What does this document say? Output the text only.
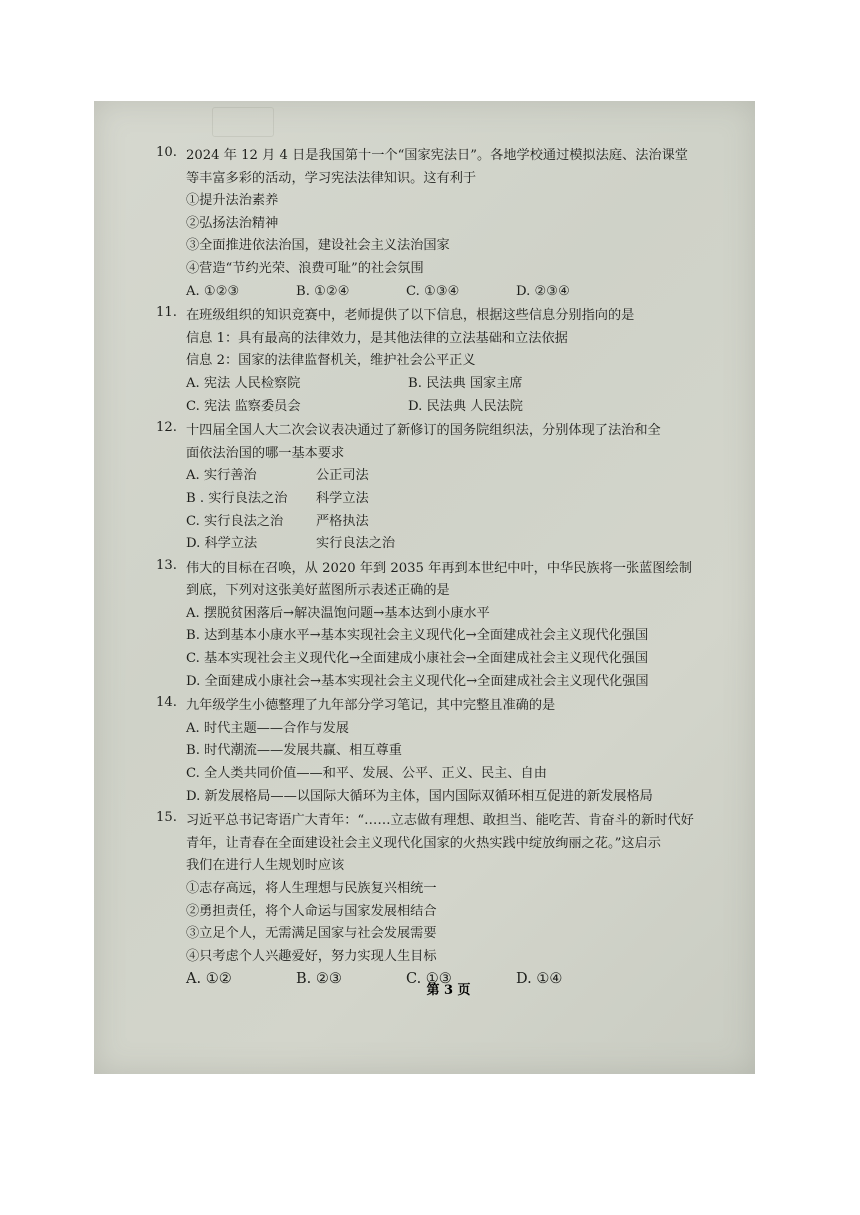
10. 2024 年 12 月 4 日是我国第十一个“国家宪法日”。各地学校通过模拟法庭、法治课堂
等丰富多彩的活动，学习宪法法律知识。这有利于
①提升法治素养
②弘扬法治精神
③全面推进依法治国，建设社会主义法治国家
④营造“节约光荣、浪费可耻”的社会氛围
A. ①②③	B. ①②④	C. ①③④	D. ②③④
11. 在班级组织的知识竞赛中，老师提供了以下信息，根据这些信息分别指向的是
信息 1：具有最高的法律效力，是其他法律的立法基础和立法依据
信息 2：国家的法律监督机关，维护社会公平正义
A. 宪法 人民检察院	B. 民法典 国家主席
C. 宪法 监察委员会	D. 民法典 人民法院
12. 十四届全国人大二次会议表决通过了新修订的国务院组织法，分别体现了法治和全
面依法治国的哪一基本要求
A. 实行善治	公正司法
B . 实行良法之治	科学立法
C. 实行良法之治	严格执法
D. 科学立法	实行良法之治
13. 伟大的目标在召唤，从 2020 年到 2035 年再到本世纪中叶，中华民族将一张蓝图绘制
到底，下列对这张美好蓝图所示表述正确的是
A. 摆脱贫困落后→解决温饱问题→基本达到小康水平
B. 达到基本小康水平→基本实现社会主义现代化→全面建成社会主义现代化强国
C. 基本实现社会主义现代化→全面建成小康社会→全面建成社会主义现代化强国
D. 全面建成小康社会→基本实现社会主义现代化→全面建成社会主义现代化强国
14. 九年级学生小德整理了九年部分学习笔记，其中完整且准确的是
A. 时代主题——合作与发展
B. 时代潮流——发展共赢、相互尊重
C. 全人类共同价值——和平、发展、公平、正义、民主、自由
D. 新发展格局——以国际大循环为主体，国内国际双循环相互促进的新发展格局
15. 习近平总书记寄语广大青年：“……立志做有理想、敢担当、能吃苦、肯奋斗的新时代好
青年，让青春在全面建设社会主义现代化国家的火热实践中绽放绚丽之花。”这启示
我们在进行人生规划时应该
①志存高远，将人生理想与民族复兴相统一
②勇担责任，将个人命运与国家发展相结合
③立足个人，无需满足国家与社会发展需要
④只考虑个人兴趣爱好，努力实现人生目标
A. ①②	B. ②③	C. ①③	D. ①④
第 3 页
